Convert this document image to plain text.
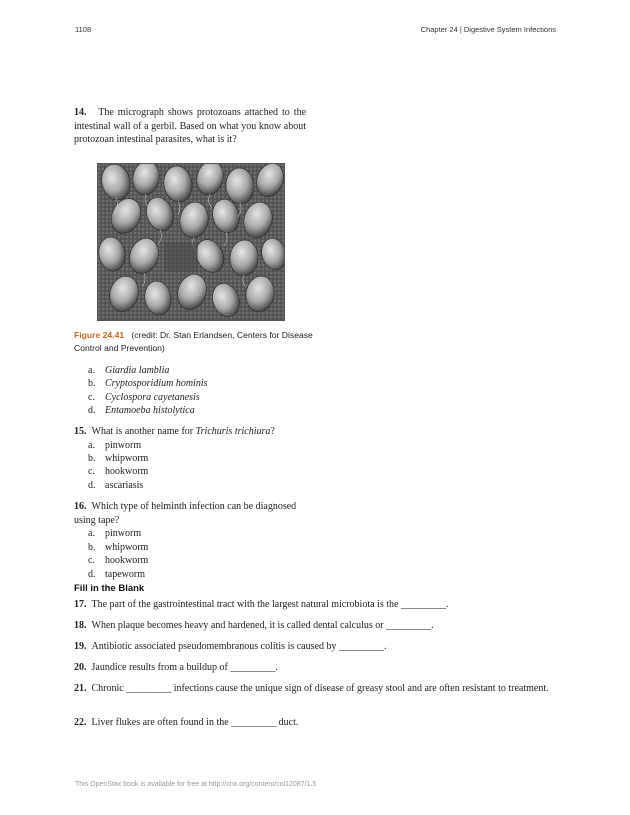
1108	Chapter 24 | Digestive System Infections
14. The micrograph shows protozoans attached to the intestinal wall of a gerbil. Based on what you know about protozoan intestinal parasites, what is it?
Figure 24.41 (credit: Dr. Stan Erlandsen, Centers for Disease Control and Prevention)
a. Giardia lamblia
b. Cryptosporidium hominis
c. Cyclospora cayetanesis
d. Entamoeba histolytica
15. What is another name for Trichuris trichiura?
a. pinworm
b. whipworm
c. hookworm
d. ascariasis
16. Which type of helminth infection can be diagnosed using tape?
a. pinworm
b. whipworm
c. hookworm
d. tapeworm
Fill in the Blank
17. The part of the gastrointestinal tract with the largest natural microbiota is the _________.
18. When plaque becomes heavy and hardened, it is called dental calculus or _________.
19. Antibiotic associated pseudomembranous colitis is caused by _________.
20. Jaundice results from a buildup of _________.
21. Chronic _________ infections cause the unique sign of disease of greasy stool and are often resistant to treatment.
22. Liver flukes are often found in the _________ duct.
This OpenStax book is available for free at http://cnx.org/content/col12087/1.5
